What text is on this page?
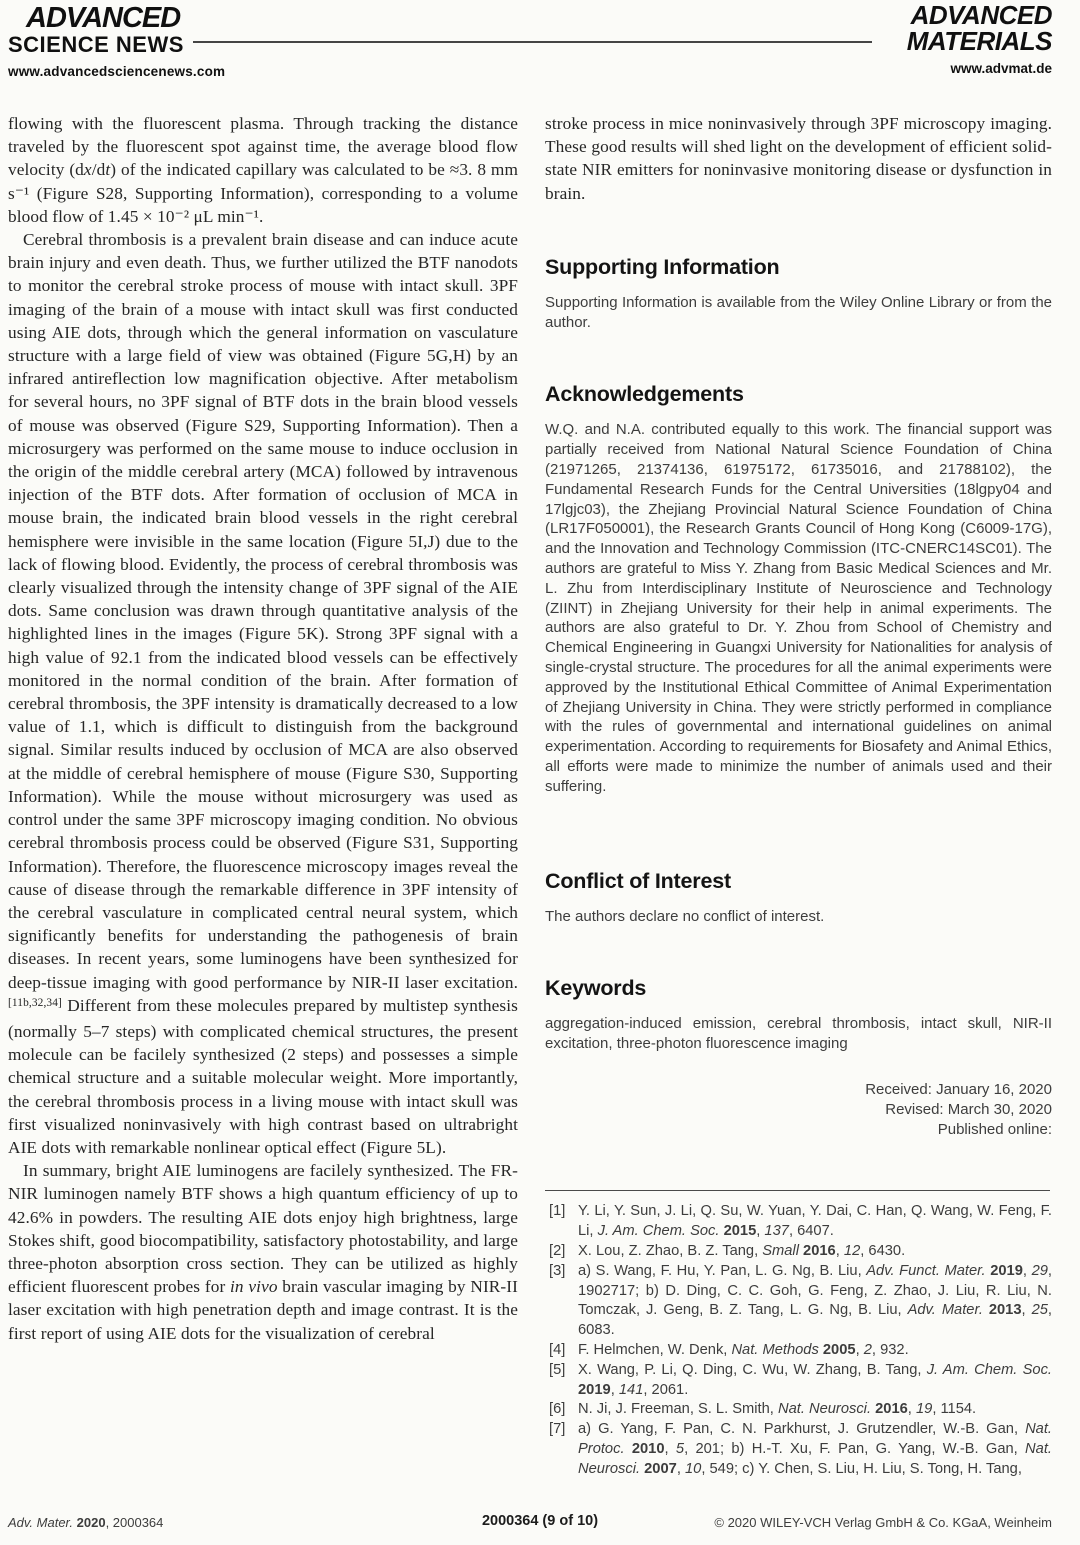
ADVANCED
SCIENCE NEWS
www.advancedsciencenews.com
ADVANCED
MATERIALS
www.advmat.de

flowing with the fluorescent plasma. Through tracking the distance traveled by the fluorescent spot against time, the average blood flow velocity (dx/dt) of the indicated capillary was calculated to be ≈3. 8 mm s⁻¹ (Figure S28, Supporting Information), corresponding to a volume blood flow of 1.45 × 10⁻² μL min⁻¹.

Cerebral thrombosis is a prevalent brain disease and can induce acute brain injury and even death. Thus, we further utilized the BTF nanodots to monitor the cerebral stroke process of mouse with intact skull. 3PF imaging of the brain of a mouse with intact skull was first conducted using AIE dots, through which the general information on vasculature structure with a large field of view was obtained (Figure 5G,H) by an infrared antireflection low magnification objective. After metabolism for several hours, no 3PF signal of BTF dots in the brain blood vessels of mouse was observed (Figure S29, Supporting Information). Then a microsurgery was performed on the same mouse to induce occlusion in the origin of the middle cerebral artery (MCA) followed by intravenous injection of the BTF dots. After formation of occlusion of MCA in mouse brain, the indicated brain blood vessels in the right cerebral hemisphere were invisible in the same location (Figure 5I,J) due to the lack of flowing blood. Evidently, the process of cerebral thrombosis was clearly visualized through the intensity change of 3PF signal of the AIE dots. Same conclusion was drawn through quantitative analysis of the highlighted lines in the images (Figure 5K). Strong 3PF signal with a high value of 92.1 from the indicated blood vessels can be effectively monitored in the normal condition of the brain. After formation of cerebral thrombosis, the 3PF intensity is dramatically decreased to a low value of 1.1, which is difficult to distinguish from the background signal. Similar results induced by occlusion of MCA are also observed at the middle of cerebral hemisphere of mouse (Figure S30, Supporting Information). While the mouse without microsurgery was used as control under the same 3PF microscopy imaging condition. No obvious cerebral thrombosis process could be observed (Figure S31, Supporting Information). Therefore, the fluorescence microscopy images reveal the cause of disease through the remarkable difference in 3PF intensity of the cerebral vasculature in complicated central neural system, which significantly benefits for understanding the pathogenesis of brain diseases. In recent years, some luminogens have been synthesized for deep-tissue imaging with good performance by NIR-II laser excitation.[11b,32,34] Different from these molecules prepared by multistep synthesis (normally 5–7 steps) with complicated chemical structures, the present molecule can be facilely synthesized (2 steps) and possesses a simple chemical structure and a suitable molecular weight. More importantly, the cerebral thrombosis process in a living mouse with intact skull was first visualized noninvasively with high contrast based on ultrabright AIE dots with remarkable nonlinear optical effect (Figure 5L).

In summary, bright AIE luminogens are facilely synthesized. The FR-NIR luminogen namely BTF shows a high quantum efficiency of up to 42.6% in powders. The resulting AIE dots enjoy high brightness, large Stokes shift, good biocompatibility, satisfactory photostability, and large three-photon absorption cross section. They can be utilized as highly efficient fluorescent probes for in vivo brain vascular imaging by NIR-II laser excitation with high penetration depth and image contrast. It is the first report of using AIE dots for the visualization of cerebral

stroke process in mice noninvasively through 3PF microscopy imaging. These good results will shed light on the development of efficient solid-state NIR emitters for noninvasive monitoring disease or dysfunction in brain.

Supporting Information

Supporting Information is available from the Wiley Online Library or from the author.

Acknowledgements

W.Q. and N.A. contributed equally to this work. The financial support was partially received from National Natural Science Foundation of China (21971265, 21374136, 61975172, 61735016, and 21788102), the Fundamental Research Funds for the Central Universities (18lgpy04 and 17lgjc03), the Zhejiang Provincial Natural Science Foundation of China (LR17F050001), the Research Grants Council of Hong Kong (C6009-17G), and the Innovation and Technology Commission (ITC-CNERC14SC01). The authors are grateful to Miss Y. Zhang from Basic Medical Sciences and Mr. L. Zhu from Interdisciplinary Institute of Neuroscience and Technology (ZIINT) in Zhejiang University for their help in animal experiments. The authors are also grateful to Dr. Y. Zhou from School of Chemistry and Chemical Engineering in Guangxi University for Nationalities for analysis of single-crystal structure. The procedures for all the animal experiments were approved by the Institutional Ethical Committee of Animal Experimentation of Zhejiang University in China. They were strictly performed in compliance with the rules of governmental and international guidelines on animal experimentation. According to requirements for Biosafety and Animal Ethics, all efforts were made to minimize the number of animals used and their suffering.

Conflict of Interest

The authors declare no conflict of interest.

Keywords

aggregation-induced emission, cerebral thrombosis, intact skull, NIR-II excitation, three-photon fluorescence imaging

Received: January 16, 2020
Revised: March 30, 2020
Published online:
[1] Y. Li, Y. Sun, J. Li, Q. Su, W. Yuan, Y. Dai, C. Han, Q. Wang, W. Feng, F. Li, J. Am. Chem. Soc. 2015, 137, 6407.
[2] X. Lou, Z. Zhao, B. Z. Tang, Small 2016, 12, 6430.
[3] a) S. Wang, F. Hu, Y. Pan, L. G. Ng, B. Liu, Adv. Funct. Mater. 2019, 29, 1902717; b) D. Ding, C. C. Goh, G. Feng, Z. Zhao, J. Liu, R. Liu, N. Tomczak, J. Geng, B. Z. Tang, L. G. Ng, B. Liu, Adv. Mater. 2013, 25, 6083.
[4] F. Helmchen, W. Denk, Nat. Methods 2005, 2, 932.
[5] X. Wang, P. Li, Q. Ding, C. Wu, W. Zhang, B. Tang, J. Am. Chem. Soc. 2019, 141, 2061.
[6] N. Ji, J. Freeman, S. L. Smith, Nat. Neurosci. 2016, 19, 1154.
[7] a) G. Yang, F. Pan, C. N. Parkhurst, J. Grutzendler, W.-B. Gan, Nat. Protoc. 2010, 5, 201; b) H.-T. Xu, F. Pan, G. Yang, W.-B. Gan, Nat. Neurosci. 2007, 10, 549; c) Y. Chen, S. Liu, H. Liu, S. Tong, H. Tang,
Adv. Mater. 2020, 2000364	2000364 (9 of 10)	© 2020 WILEY-VCH Verlag GmbH & Co. KGaA, Weinheim
